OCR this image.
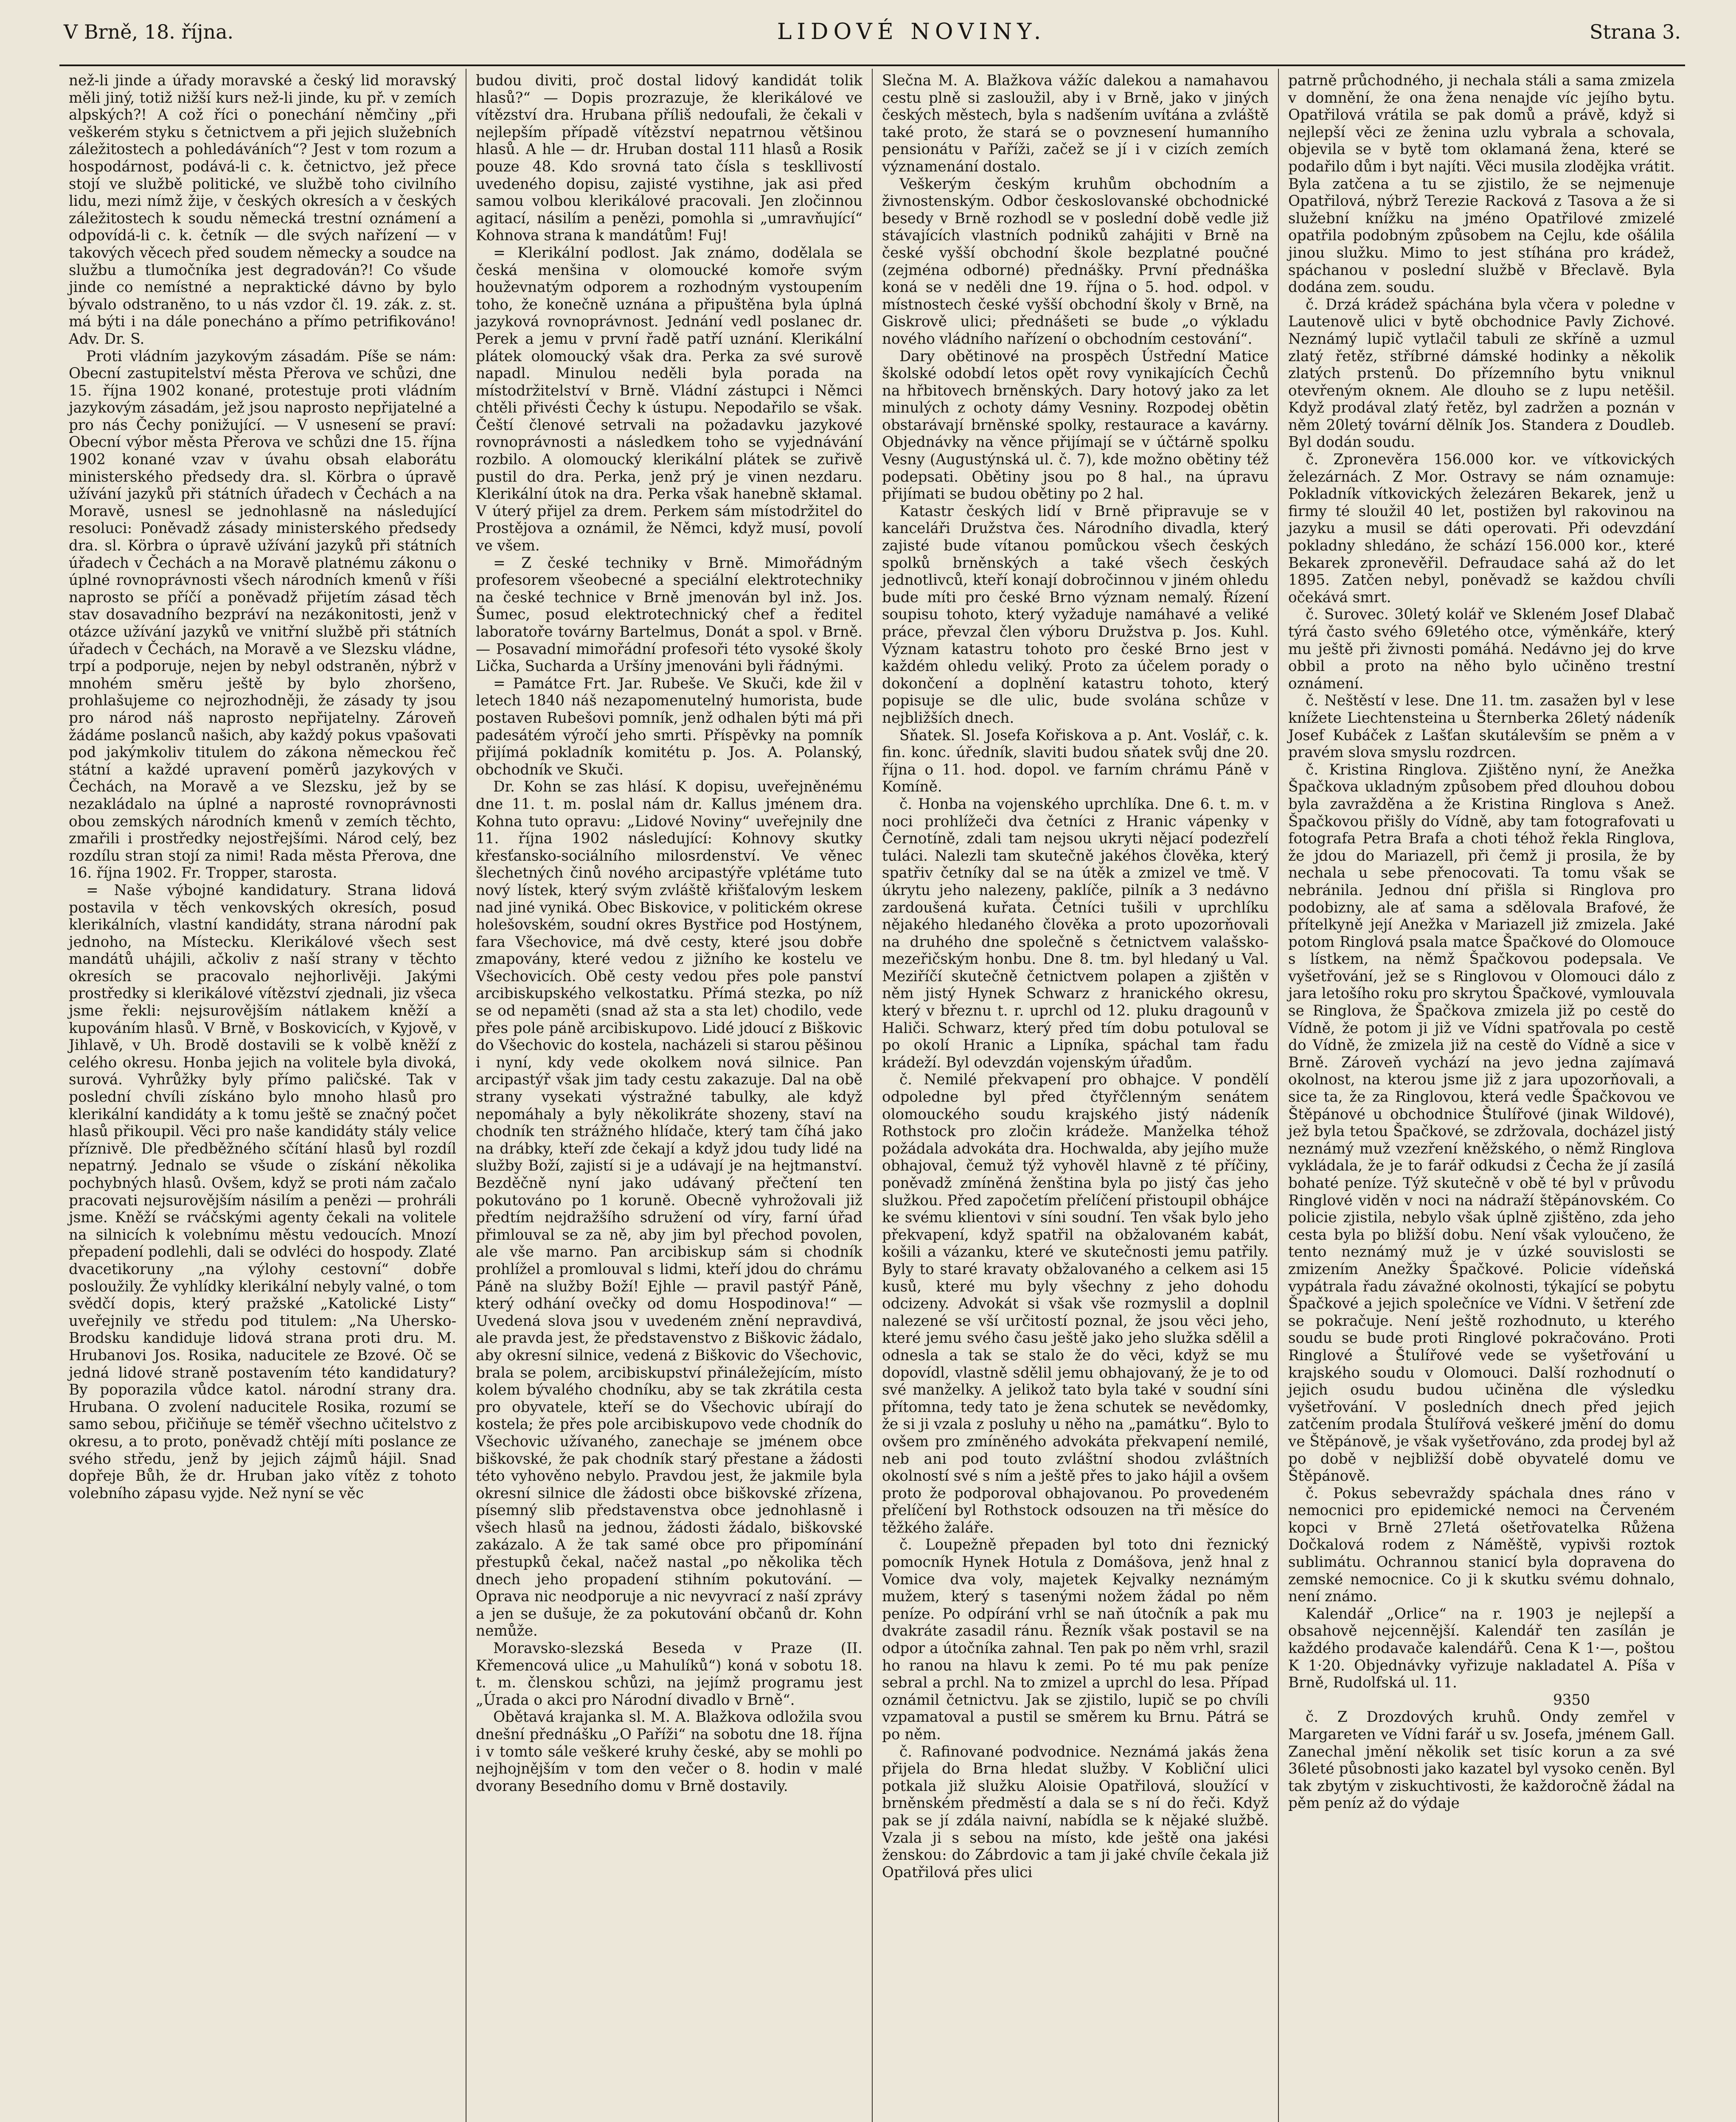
V Brně, 18. října.	LIDOVÉ NOVINY.	Strana 3.

než-li jinde a úřady moravské a český lid moravský měli jiný, totiž nižší kurs než-li jinde, ku př. v zemích alpských?! A což říci o ponechání němčiny „při veškerém styku s četnictvem a při jejich služebních záležitostech a pohledáváních“? Jest v tom rozum a hospodárnost, podává-li c. k. četnictvo, jež přece stojí ve službě politické, ve službě toho civilního lidu, mezi nímž žije, v českých okresích a v českých záležitostech k soudu německá trestní oznámení a odpovídá-li c. k. četník — dle svých nařízení — v takových věcech před soudem německy a soudce na službu a tlumočníka jest degradován?! Co všude jinde co nemístné a nepraktické dávno by bylo bývalo odstraněno, to u nás vzdor čl. 19. zák. z. st. má býti i na dále ponecháno a přímo petrifikováno! Adv. Dr. S.

Proti vládním jazykovým zásadám. Píše se nám: Obecní zastupitelství města Přerova ve schůzi, dne 15. října 1902 konané, protestuje proti vládním jazykovým zásadám, jež jsou naprosto nepřijatelné a pro nás Čechy ponižující. — V usnesení se praví: Obecní výbor města Přerova ve schůzi dne 15. října 1902 konané vzav v úvahu obsah elaborátu ministerského předsedy dra. sl. Körbra o úpravě užívání jazyků při státních úřadech v Čechách a na Moravě, usnesl se jednohlasně na následující resoluci: Poněvadž zásady ministerského předsedy dra. sl. Körbra o úpravě užívání jazyků při státních úřadech v Čechách a na Moravě platnému zákonu o úplné rovnoprávnosti všech národních kmenů v říši naprosto se příčí a poněvadž přijetím zásad těch stav dosavadního bezpráví na nezákonitosti, jenž v otázce užívání jazyků ve vnitřní službě při státních úřadech v Čechách, na Moravě a ve Slezsku vládne, trpí a podporuje, nejen by nebyl odstraněn, nýbrž v mnohém směru ještě by bylo zhoršeno, prohlašujeme co nejrozhodněji, že zásady ty jsou pro národ náš naprosto nepřijatelny. Zároveň žádáme poslanců našich, aby každý pokus vpašovati pod jakýmkoliv titulem do zákona německou řeč státní a každé upravení poměrů jazykových v Čechách, na Moravě a ve Slezsku, jež by se nezakládalo na úplné a naprosté rovnoprávnosti obou zemských národních kmenů v zemích těchto, zmařili i prostředky nejostřejšími. Národ celý, bez rozdílu stran stojí za nimi! Rada města Přerova, dne 16. října 1902. Fr. Tropper, starosta.

= Naše výbojné kandidatury. Strana lidová postavila v těch venkovských okresích, posud klerikálních, vlastní kandidáty, strana národní pak jednoho, na Místecku. Klerikálové všech sest mandátů uhájili, ačkoliv z naší strany v těchto okresích se pracovalo nejhorlivěji. Jakými prostředky si klerikálové vítězství zjednali, jiz všeca jsme řekli: nejsurovějším nátlakem kněží a kupováním hlasů. V Brně, v Boskovicích, v Kyjově, v Jihlavě, v Uh. Brodě dostavili se k volbě kněží z celého okresu. Honba jejich na volitele byla divoká, surová. Vyhrůžky byly přímo paličské. Tak v poslední chvíli získáno bylo mnoho hlasů pro klerikální kandidáty a k tomu ještě se značný počet hlasů přikoupil. Věci pro naše kandidáty stály velice příznivě. Dle předběžného sčítání hlasů byl rozdíl nepatrný. Jednalo se všude o získání několika pochybných hlasů. Ovšem, když se proti nám začalo pracovati nejsurovějším násilím a penězi — prohráli jsme. Kněží se rváčskými agenty čekali na volitele na silnicích k volebnímu městu vedoucích. Mnozí přepadení podlehli, dali se odvléci do hospody. Zlaté dvacetikoruny „na výlohy cestovní“ dobře posloužily. Že vyhlídky klerikální nebyly valné, o tom svědčí dopis, který pražské „Katolické Listy“ uveřejnily ve středu pod titulem: „Na Uhersko-Brodsku kandiduje lidová strana proti dru. M. Hrubanovi Jos. Rosika, naducitele ze Bzové. Oč se jedná lidové straně postavením této kandidatury? By poporazila vůdce katol. národní strany dra. Hrubana. O zvolení naducitele Rosika, rozumí se samo sebou, přičiňuje se téměř všechno učitelstvo z okresu, a to proto, poněvadž chtějí míti poslance ze svého středu, jenž by jejich zájmů hájil. Snad dopřeje Bůh, že dr. Hruban jako vítěz z tohoto volebního zápasu vyjde. Než nyní se věc

budou diviti, proč dostal lidový kandidát tolik hlasů?“ — Dopis prozrazuje, že klerikálové ve vítězství dra. Hrubana příliš nedoufali, že čekali v nejlepším případě vítězství nepatrnou většinou hlasů. A hle — dr. Hruban dostal 111 hlasů a Rosik pouze 48. Kdo srovná tato čísla s teskllivostí uvedeného dopisu, zajisté vystihne, jak asi před samou volbou klerikálové pracovali. Jen zločinnou agitací, násilím a penězi, pomohla si „umravňující“ Kohnova strana k mandátům! Fuj!

= Klerikální podlost. Jak známo, dodělala se česká menšina v olomoucké komoře svým houževnatým odporem a rozhodným vystoupením toho, že konečně uznána a připuštěna byla úplná jazyková rovnoprávnost. Jednání vedl poslanec dr. Perek a jemu v první řadě patří uznání. Klerikální plátek olomoucký však dra. Perka za své surově napadl. Minulou neděli byla porada na místodržitelství v Brně. Vládní zástupci i Němci chtěli přivésti Čechy k ústupu. Nepodařilo se však. Čeští členové setrvali na požadavku jazykové rovnoprávnosti a následkem toho se vyjednávání rozbilo. A olomoucký klerikální plátek se zuřivě pustil do dra. Perka, jenž prý je vinen nezdaru. Klerikální útok na dra. Perka však hanebně skłamal. V úterý přijel za drem. Perkem sám místodržitel do Prostějova a oznámil, že Němci, když musí, povolí ve všem.

= Z české techniky v Brně. Mimořádným profesorem všeobecné a speciální elektrotechniky na české technice v Brně jmenován byl inž. Jos. Šumec, posud elektrotechnický chef a ředitel laboratoře továrny Bartelmus, Donát a spol. v Brně. — Posavadní mimořádní profesoři této vysoké školy Lička, Sucharda a Uršíny jmenováni byli řádnými.

= Památce Frt. Jar. Rubeše. Ve Skuči, kde žil v letech 1840 náš nezapomenutelný humorista, bude postaven Rubešovi pomník, jenž odhalen býti má při padesátém výročí jeho smrti. Příspěvky na pomník přijímá pokladník komitétu p. Jos. A. Polanský, obchodník ve Skuči.

Dr. Kohn se zas hlásí. K dopisu, uveřejněnému dne 11. t. m. poslal nám dr. Kallus jménem dra. Kohna tuto opravu: „Lidové Noviny“ uveřejnily dne 11. října 1902 následující: Kohnovy skutky křesťansko-sociálního milosrdenství. Ve věnec šlechetných činů nového arcipastýře vplétáme tuto nový lístek, který svým zvláště křišťalovým leskem nad jiné vyniká. Obec Biskovice, v politickém okrese holešovském, soudní okres Bystřice pod Hostýnem, fara Všechovice, má dvě cesty, které jsou dobře zmapovány, které vedou z jižního ke kostelu ve Všechovicích. Obě cesty vedou přes pole panství arcibiskupského velkostatku. Přímá stezka, po níž se od nepaměti (snad až sta a sta let) chodilo, vede přes pole páně arcibiskupovo. Lidé jdoucí z Biškovic do Všechovic do kostela, nacházeli si starou pěšinou i nyní, kdy vede okolkem nová silnice. Pan arcipastýř však jim tady cestu zakazuje. Dal na obě strany vysekati výstražné tabulky, ale když nepomáhaly a byly několikráte shozeny, staví na chodník ten strážného hlídače, který tam číhá jako na drábky, kteří zde čekají a když jdou tudy lidé na služby Boží, zajistí si je a udávají je na hejtmanství. Bezděčně nyní jako udávaný přečtení ten pokutováno po 1 koruně. Obecně vyhrožovali již předtím nejdražšího sdružení od víry, farní úřad přimlouval se za ně, aby jim byl přechod povolen, ale vše marno. Pan arcibiskup sám si chodník prohlížel a promlouval s lidmi, kteří jdou do chrámu Páně na služby Boží! Ejhle — pravil pastýř Páně, který odhání ovečky od domu Hospodinova!“ — Uvedená slova jsou v uvedeném znění nepravdivá, ale pravda jest, že představenstvo z Biškovic žádalo, aby okresní silnice, vedená z Biškovic do Všechovic, brala se polem, arcibiskupství přináležejícím, místo kolem bývalého chodníku, aby se tak zkrátila cesta pro obyvatele, kteří se do Všechovic ubírají do kostela; že přes pole arcibiskupovo vede chodník do Všechovic užívaného, zanechaje se jménem obce biškovské, že pak chodník starý přestane a žádosti této vyhověno nebylo. Pravdou jest, že jakmile byla okresní silnice dle žádosti obce biškovské zřízena, písemný slib představenstva obce jednohlasně i všech hlasů na jednou, žádosti žádalo, biškovské zakázalo. A že tak samé obce pro připomínání přestupků čekal, načež nastal „po několika těch dnech jeho propadení stihním pokutování. — Oprava nic neodporuje a nic nevyvrací z naší zprávy a jen se dušuje, že za pokutování občanů dr. Kohn nemůže.

Moravsko-slezská Beseda v Praze (II. Křemencová ulice „u Mahulíků“) koná v sobotu 18. t. m. členskou schůzi, na jejímž programu jest „Úrada o akci pro Národní divadlo v Brně“.

Obětavá krajanka sl. M. A. Blažkova odložila svou dnešní přednášku „O Paříži“ na sobotu dne 18. října i v tomto sále veškeré kruhy české, aby se mohli po nejhojnějším v tom den večer o 8. hodin v malé dvorany Besedního domu v Brně dostavily.

Slečna M. A. Blažkova vážíc dalekou a namahavou cestu plně si zasloužil, aby i v Brně, jako v jiných českých městech, byla s nadšením uvítána a zvláště také proto, že stará se o povznesení humanního pensionátu v Paříži, začež se jí i v cizích zemích významenání dostalo.

Veškerým českým kruhům obchodním a živnostenským. Odbor českoslovanské obchodnické besedy v Brně rozhodl se v poslední době vedle již stávajících vlastních podniků zahájiti v Brně na české vyšší obchodní škole bezplatné poučné (zejména odborné) přednášky. První přednáška koná se v neděli dne 19. října o 5. hod. odpol. v místnostech české vyšší obchodní školy v Brně, na Giskrově ulici; přednášeti se bude „o výkladu nového vládního nařízení o obchodním cestování“.

Dary obětinové na prospěch Ústřední Matice školské odobdí letos opět rovy vynikajících Čechů na hřbitovech brněnských. Dary hotový jako za let minulých z ochoty dámy Vesniny. Rozpodej obětin obstarávají brněnské spolky, restaurace a kavárny. Objednávky na věnce přijímají se v účtárně spolku Vesny (Augustýnská ul. č. 7), kde možno obětiny též podepsati. Obětiny jsou po 8 hal., na úpravu přijímati se budou obětiny po 2 hal.

Katastr českých lidí v Brně připravuje se v kanceláři Družstva čes. Národního divadla, který zajisté bude vítanou pomůckou všech českých spolků brněnských a také všech českých jednotlivců, kteří konají dobročinnou v jiném ohledu bude míti pro české Brno význam nemalý. Řízení soupisu tohoto, který vyžaduje namáhavé a veliké práce, převzal člen výboru Družstva p. Jos. Kuhl. Význam katastru tohoto pro české Brno jest v každém ohledu veliký. Proto za účelem porady o dokončení a doplnění katastru tohoto, který popisuje se dle ulic, bude svolána schůze v nejbližších dnech.

Sňatek. Sl. Josefa Kořiskova a p. Ant. Voslář, c. k. fin. konc. úředník, slaviti budou sňatek svůj dne 20. října o 11. hod. dopol. ve farním chrámu Páně v Komíně.

č. Honba na vojenského uprchlíka. Dne 6. t. m. v noci prohlížeči dva četníci z Hranic vápenky v Černotíně, zdali tam nejsou ukryti nějací podezřelí tuláci. Nalezli tam skutečně jakéhos člověka, který spatřiv četníky dal se na útěk a zmizel ve tmě. V úkrytu jeho nalezeny, paklíče, pilník a 3 nedávno zardoušená kuřata. Četníci tušili v uprchlíku nějakého hledaného člověka a proto upozorňovali na druhého dne společně s četnictvem valašsko-mezeřičským honbu. Dne 8. tm. byl hledaný u Val. Meziříčí skutečně četnictvem polapen a zjištěn v něm jistý Hynek Schwarz z hranického okresu, který v březnu t. r. uprchl od 12. pluku dragounů v Haliči. Schwarz, který před tím dobu potuloval se po okolí Hranic a Lipníka, spáchal tam řadu krádeží. Byl odevzdán vojenským úřadům.

č. Nemilé překvapení pro obhajce. V pondělí odpoledne byl před čtyřčlenným senátem olomouckého soudu krajského jistý nádeník Rothstock pro zločin krádeže. Manželka téhož požádala advokáta dra. Hochwalda, aby jejího muže obhajoval, čemuž týž vyhověl hlavně z té příčiny, poněvadž zmíněná ženština byla po jistý čas jeho služkou. Před započetím přelíčení přistoupil obhájce ke svému klientovi v síni soudní. Ten však bylo jeho překvapení, když spatřil na obžalovaném kabát, košili a vázanku, které ve skutečnosti jemu patřily. Byly to staré kravaty obžalovaného a celkem asi 15 kusů, které mu byly všechny z jeho dohodu odcizeny. Advokát si však vše rozmyslil a doplnil nalezené se vší určitostí poznal, že jsou věci jeho, které jemu svého času ještě jako jeho služka sdělil a odnesla a tak se stalo že do věci, když se mu dopovídl, vlastně sdělil jemu obhajovaný, že je to od své manželky. A jelikož tato byla také v soudní síni přítomna, tedy tato je žena schutek se nevědomky, že si ji vzala z posluhy u něho na „památku“. Bylo to ovšem pro zmíněného advokáta překvapení nemilé, neb ani pod touto zvláštní shodou zvláštních okolností své s ním a ještě přes to jako hájil a ovšem proto že podporoval obhajovanou. Po provedeném přelíčení byl Rothstock odsouzen na tři měsíce do těžkého žaláře.

č. Loupežně přepaden byl toto dni řeznický pomocník Hynek Hotula z Domášova, jenž hnal z Vomice dva voly, majetek Kejvalky neznámým mužem, který s tasenými nožem žádal po něm peníze. Po odpírání vrhl se naň útočník a pak mu dvakráte zasadil ránu. Řezník však postavil se na odpor a útočníka zahnal. Ten pak po něm vrhl, srazil ho ranou na hlavu k zemi. Po té mu pak peníze sebral a prchl. Na to zmizel a uprchl do lesa. Případ oznámil četnictvu. Jak se zjistilo, lupič se po chvíli vzpamatoval a pustil se směrem ku Brnu. Pátrá se po něm.

č. Rafinované podvodnice. Neznámá jakás žena přijela do Brna hledat služby. V Kobliční ulici potkala již služku Aloisie Opatřilová, sloužící v brněnském předměstí a dala se s ní do řeči. Když pak se jí zdála naivní, nabídla se k nějaké službě. Vzala ji s sebou na místo, kde ještě ona jakési ženskou: do Zábrdovic a tam ji jaké chvíle čekala již Opatřilová přes ulici

patrně průchodného, ji nechala stáli a sama zmizela v domnění, že ona žena nenajde víc jejího bytu. Opatřilová vrátila se pak domů a právě, když si nejlepší věci ze ženina uzlu vybrala a schovala, objevila se v bytě tom oklamaná žena, které se podařilo dům i byt najíti. Věci musila zlodějka vrátit. Byla zatčena a tu se zjistilo, že se nejmenuje Opatřilová, nýbrž Terezie Racková z Tasova a že si služební knížku na jméno Opatřilové zmizelé opatřila podobným způsobem na Cejlu, kde ošálila jinou služku. Mimo to jest stíhána pro krádež, spáchanou v poslední službě v Břeclavě. Byla dodána zem. soudu.

č. Drzá krádež spáchána byla včera v poledne v Lautenově ulici v bytě obchodnice Pavly Zichové. Neznámý lupič vytlačil tabuli ze skříně a uzmul zlatý řetěz, stříbrné dámské hodinky a několik zlatých prstenů. Do přízemního bytu vniknul otevřeným oknem. Ale dlouho se z lupu netěšil. Když prodával zlatý řetěz, byl zadržen a poznán v něm 20letý tovární dělník Jos. Standera z Doudleb. Byl dodán soudu.

č. Zpronevěra 156.000 kor. ve vítkovických železárnách. Z Mor. Ostravy se nám oznamuje: Pokladník vítkovických železáren Bekarek, jenž u firmy té sloužil 40 let, postižen byl rakovinou na jazyku a musil se dáti operovati. Při odevzdání pokladny shledáno, že schází 156.000 kor., které Bekarek zpronevěřil. Defraudace sahá až do let 1895. Zatčen nebyl, poněvadž se každou chvíli očekává smrt.

č. Surovec. 30letý kolář ve Skleném Josef Dlabač týrá často svého 69letého otce, výměnkáře, který mu ještě při živnosti pomáhá. Nedávno jej do krve obbil a proto na něho bylo učiněno trestní oznámení.

č. Neštěstí v lese. Dne 11. tm. zasažen byl v lese knížete Liechtensteina u Šternberka 26letý nádeník Josef Kubáček z Lašťan skutálevším se pněm a v pravém slova smyslu rozdrcen.

č. Kristina Ringlova. Zjištěno nyní, že Anežka Špačkova ukladným způsobem před dlouhou dobou byla zavražděna a že Kristina Ringlova s Anež. Špačkovou přišly do Vídně, aby tam fotografovati u fotografa Petra Brafa a choti téhož řekla Ringlova, že jdou do Mariazell, při čemž ji prosila, že by nechala u sebe přenocovati. Ta tomu však se nebránila. Jednou dní přišla si Ringlova pro podobizny, ale ať sama a sdělovala Brafové, že přítelkyně její Anežka v Mariazell již zmizela. Jaké potom Ringlová psala matce Špačkové do Olomouce s lístkem, na němž Špačkovou podepsala. Ve vyšetřování, jež se s Ringlovou v Olomouci dálo z jara letošího roku pro skrytou Špačkové, vymlouvala se Ringlova, že Špačkova zmizela již po cestě do Vídně, že potom ji již ve Vídni spatřovala po cestě do Vídně, že zmizela již na cestě do Vídně a sice v Brně. Zároveň vychází na jevo jedna zajímavá okolnost, na kterou jsme již z jara upozorňovali, a sice ta, že za Ringlovou, která vedle Špačkovou ve Štěpánové u obchodnice Štulířové (jinak Wildové), jež byla tetou Špačkové, se zdržovala, docházel jistý neznámý muž vzezření kněžského, o němž Ringlova vykládala, že je to farář odkudsi z Čecha že jí zasílá bohaté peníze. Týž skutečně v obě té byl v průvodu Ringlové viděn v noci na nádraží štěpánovském. Co policie zjistila, nebylo však úplně zjištěno, zda jeho cesta byla po bližší dobu. Není však vyloučeno, že tento neznámý muž je v úzké souvislosti se zmizením Anežky Špačkové. Policie vídeňská vypátrala řadu závažné okolnosti, týkající se pobytu Špačkové a jejich společníce ve Vídni. V šetření zde se pokračuje. Není ještě rozhodnuto, u kterého soudu se bude proti Ringlové pokračováno. Proti Ringlové a Štulířové vede se vyšetřování u krajského soudu v Olomouci. Další rozhodnutí o jejich osudu budou učiněna dle výsledku vyšetřování. V posledních dnech před jejich zatčením prodala Štulířová veškeré jmění do domu ve Štěpánově, je však vyšetřováno, zda prodej byl až po době v nejbližší době obyvatelé domu ve Štěpánově.

č. Pokus sebevraždy spáchala dnes ráno v nemocnici pro epidemické nemoci na Červeném kopci v Brně 27letá ošetřovatelka Růžena Dočkalová rodem z Náměště, vypivši roztok sublimátu. Ochrannou stanicí byla dopravena do zemské nemocnice. Co ji k skutku svému dohnalo, není známo.

Kalendář „Orlice“ na r. 1903 je nejlepší a obsahově nejcennější. Kalendář ten zasílán je každého prodavače kalendářů. Cena K 1·—, poštou K 1·20. Objednávky vyřizuje nakladatel A. Píša v Brně, Rudolfská ul. 11.

9350

č. Z Drozdových kruhů. Ondy zemřel v Margareten ve Vídni farář u sv. Josefa, jménem Gall. Zanechal jmění několik set tisíc korun a za své 36leté působnosti jako kazatel byl vysoko ceněn. Byl tak zbytým v ziskuchtivosti, že každoročně žádal na pěm peníz až do výdaje
